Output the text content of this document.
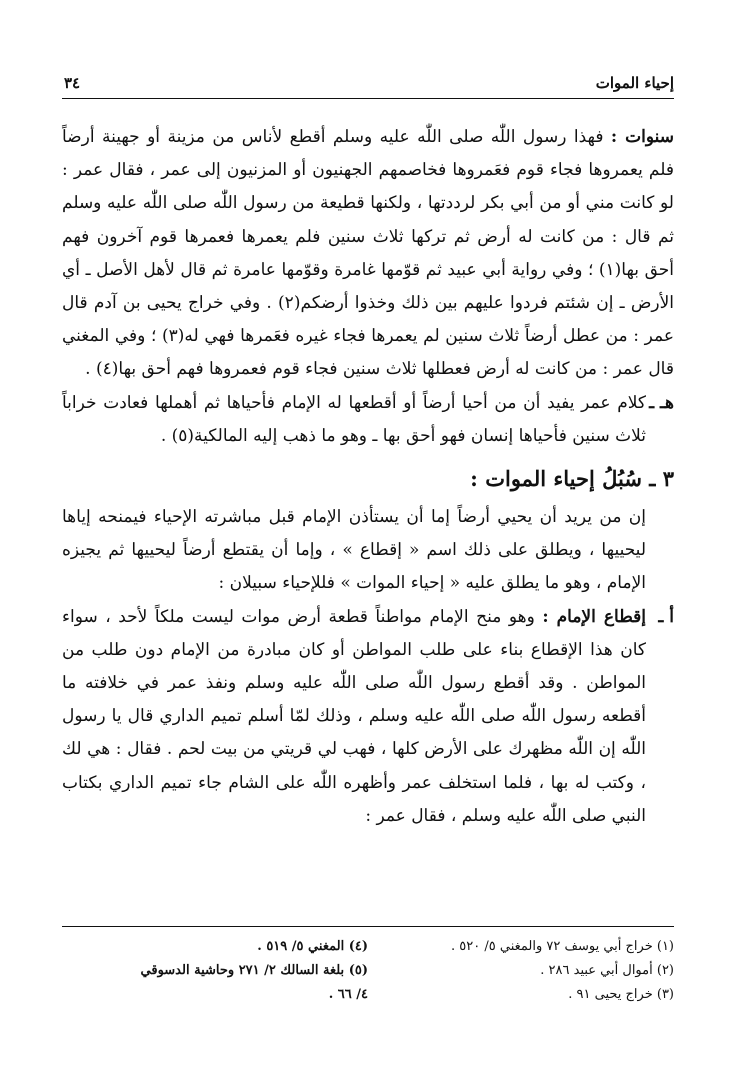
إحياء الموات
٣٤

سنوات : فهذا رسول اللّٰه صلى اللّٰه عليه وسلم أقطع لأناس من مزينة أو جهينة أرضاً فلم يعمروها فجاء قوم فعَمروها فخاصمهم الجهنيون أو المزنيون إلى عمر ، فقال عمر : لو كانت مني أو من أبي بكر لرددتها ، ولكنها قطيعة من رسول اللّٰه صلى اللّٰه عليه وسلم ثم قال : من كانت له أرض ثم تركها ثلاث سنين فلم يعمرها فعمرها قوم آخرون فهم أحق بها(١) ؛ وفي رواية أبي عبيد ثم قوّمها غامرة وقوّمها عامرة ثم قال لأهل الأصل ـ أي الأرض ـ إن شئتم فردوا عليهم بين ذلك وخذوا أرضكم(٢) . وفي خراج يحيى بن آدم قال عمر : من عطل أرضاً ثلاث سنين لم يعمرها فجاء غيره فعَمرها فهي له(٣) ؛ وفي المغني قال عمر : من كانت له أرض فعطلها ثلاث سنين فجاء قوم فعمروها فهم أحق بها(٤) .

هـ ـ
كلام عمر يفيد أن من أحيا أرضاً أو أقطعها له الإمام فأحياها ثم أهملها فعادت خراباً ثلاث سنين فأحياها إنسان فهو أحق بها ـ وهو ما ذهب إليه المالكية(٥) .
٣ ـ سُبُلُ إحياء الموات :

إن من يريد أن يحيي أرضاً إما أن يستأذن الإمام قبل مباشرته الإحياء فيمنحه إياها ليحييها ، ويطلق على ذلك اسم « إقطاع » ، وإما أن يقتطع أرضاً ليحييها ثم يجيزه الإمام ، وهو ما يطلق عليه « إحياء الموات » فللإحياء سبيلان :

أ ـ
إقطاع الإمام : وهو منح الإمام مواطناً قطعة أرض موات ليست ملكاً لأحد ، سواء كان هذا الإقطاع بناء على طلب المواطن أو كان مبادرة من الإمام دون طلب من المواطن . وقد أقطع رسول اللّٰه صلى اللّٰه عليه وسلم ونفذ عمر في خلافته ما أقطعه رسول اللّٰه صلى اللّٰه عليه وسلم ، وذلك لمّا أسلم تميم الداري قال يا رسول اللّٰه إن اللّٰه مظهرك على الأرض كلها ، فهب لي قريتي من بيت لحم . فقال : هي لك ، وكتب له بها ، فلما استخلف عمر وأظهره اللّٰه على الشام جاء تميم الداري بكتاب النبي صلى اللّٰه عليه وسلم ، فقال عمر :
(١) خراج أبي يوسف ٧٢ والمغني ٥/ ٥٢٠ .
(٢) أموال أبي عبيد ٢٨٦ .
(٣) خراج يحيى ٩١ .
(٤) المغني ٥/ ٥١٩ .
(٥) بلغة السالك ٢/ ٢٧١ وحاشية الدسوقي
٤/ ٦٦ .
